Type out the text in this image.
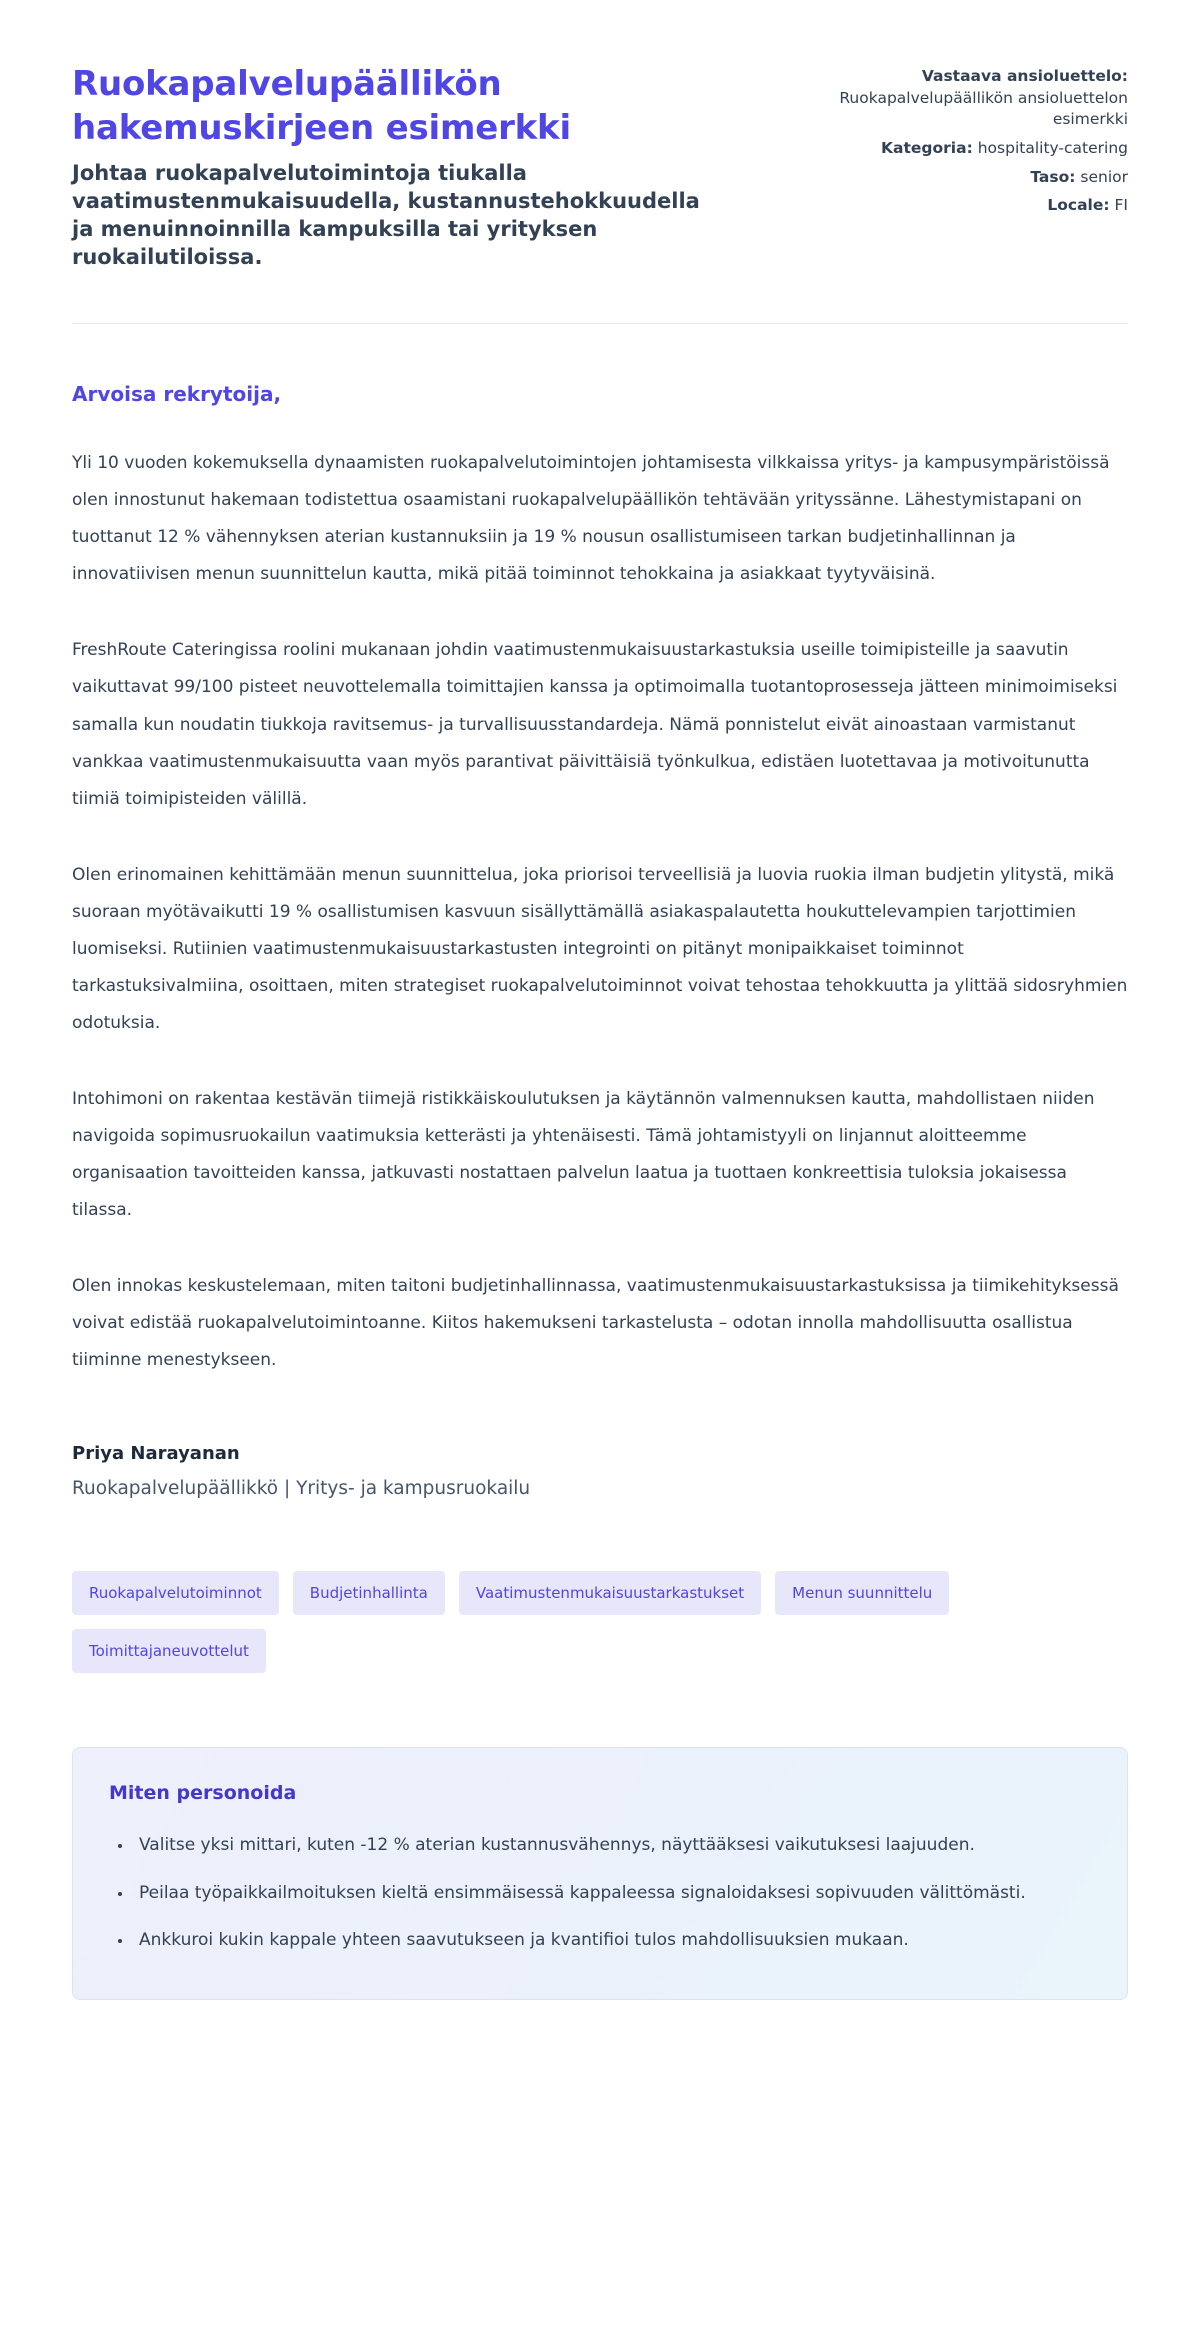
Ruokapalvelupäällikön hakemuskirjeen esimerkki
Johtaa ruokapalvelutoimintoja tiukalla vaatimustenmukaisuudella, kustannustehokkuudella ja menuinnoinnilla kampuksilla tai yrityksen ruokailutiloissa.
Vastaava ansioluettelo: Ruokapalvelupäällikön ansioluettelon esimerkki
Kategoria: hospitality-catering
Taso: senior
Locale: FI
Arvoisa rekrytoija,

Yli 10 vuoden kokemuksella dynaamisten ruokapalvelutoimintojen johtamisesta vilkkaissa yritys- ja kampusympäristöissä olen innostunut hakemaan todistettua osaamistani ruokapalvelupäällikön tehtävään yrityssänne. Lähestymistapani on tuottanut 12 % vähennyksen aterian kustannuksiin ja 19 % nousun osallistumiseen tarkan budjetinhallinnan ja innovatiivisen menun suunnittelun kautta, mikä pitää toiminnot tehokkaina ja asiakkaat tyytyväisinä.

FreshRoute Cateringissa roolini mukanaan johdin vaatimustenmukaisuustarkastuksia useille toimipisteille ja saavutin vaikuttavat 99/100 pisteet neuvottelemalla toimittajien kanssa ja optimoimalla tuotantoprosesseja jätteen minimoimiseksi samalla kun noudatin tiukkoja ravitsemus- ja turvallisuusstandardeja. Nämä ponnistelut eivät ainoastaan varmistanut vankkaa vaatimustenmukaisuutta vaan myös parantivat päivittäisiä työnkulkua, edistäen luotettavaa ja motivoitunutta tiimiä toimipisteiden välillä.

Olen erinomainen kehittämään menun suunnittelua, joka priorisoi terveellisiä ja luovia ruokia ilman budjetin ylitystä, mikä suoraan myötävaikutti 19 % osallistumisen kasvuun sisällyttämällä asiakaspalautetta houkuttelevampien tarjottimien luomiseksi. Rutiinien vaatimustenmukaisuustarkastusten integrointi on pitänyt monipaikkaiset toiminnot tarkastuksivalmiina, osoittaen, miten strategiset ruokapalvelutoiminnot voivat tehostaa tehokkuutta ja ylittää sidosryhmien odotuksia.

Intohimoni on rakentaa kestävän tiimejä ristikkäiskoulutuksen ja käytännön valmennuksen kautta, mahdollistaen niiden navigoida sopimusruokailun vaatimuksia ketterästi ja yhtenäisesti. Tämä johtamistyyli on linjannut aloitteemme organisaation tavoitteiden kanssa, jatkuvasti nostattaen palvelun laatua ja tuottaen konkreettisia tuloksia jokaisessa tilassa.

Olen innokas keskustelemaan, miten taitoni budjetinhallinnassa, vaatimustenmukaisuustarkastuksissa ja tiimikehityksessä voivat edistää ruokapalvelutoimintoanne. Kiitos hakemukseni tarkastelusta – odotan innolla mahdollisuutta osallistua tiiminne menestykseen.

Priya Narayanan
Ruokapalvelupäällikkö | Yritys- ja kampusruokailu
Ruokapalvelutoiminnot	Budjetinhallinta	Vaatimustenmukaisuustarkastukset	Menun suunnittelu
Toimittajaneuvottelut
Miten personoida
• Valitse yksi mittari, kuten -12 % aterian kustannusvähennys, näyttääksesi vaikutuksesi laajuuden.
• Peilaa työpaikkailmoituksen kieltä ensimmäisessä kappaleessa signaloidaksesi sopivuuden välittömästi.
• Ankkuroi kukin kappale yhteen saavutukseen ja kvantifioi tulos mahdollisuuksien mukaan.
